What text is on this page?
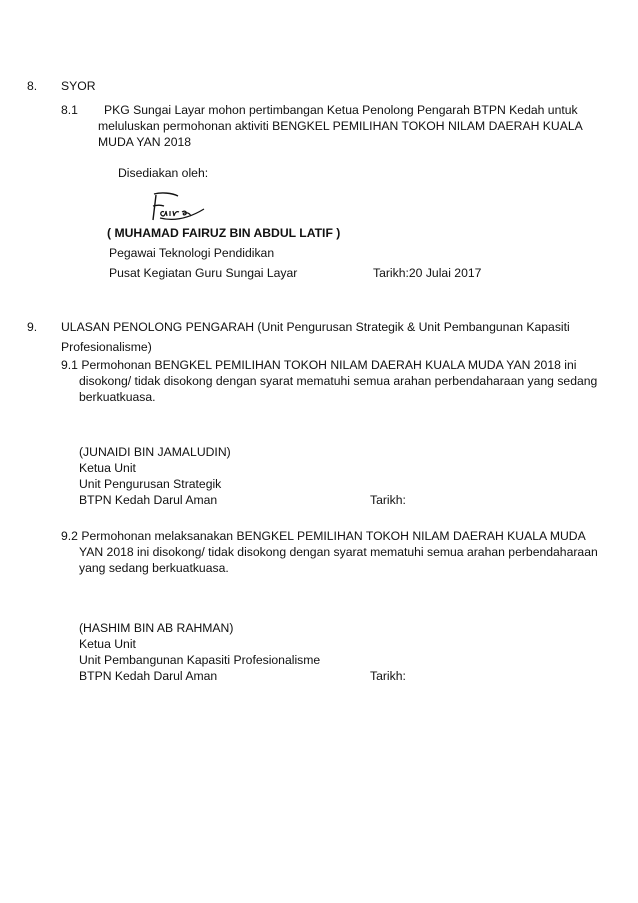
8. SYOR
8.1 PKG Sungai Layar mohon pertimbangan Ketua Penolong Pengarah BTPN Kedah untuk
meluluskan permohonan aktiviti BENGKEL PEMILIHAN TOKOH NILAM DAERAH KUALA
MUDA YAN 2018
Disediakan oleh:
( MUHAMAD FAIRUZ BIN ABDUL LATIF )
Pegawai Teknologi Pendidikan
Pusat Kegiatan Guru Sungai Layar	Tarikh:20 Julai 2017
9. ULASAN PENOLONG PENGARAH (Unit Pengurusan Strategik & Unit Pembangunan Kapasiti
Profesionalisme)
9.1 Permohonan BENGKEL PEMILIHAN TOKOH NILAM DAERAH KUALA MUDA YAN 2018 ini
disokong/ tidak disokong dengan syarat mematuhi semua arahan perbendaharaan yang sedang
berkuatkuasa.
(JUNAIDI BIN JAMALUDIN)
Ketua Unit
Unit Pengurusan Strategik
BTPN Kedah Darul Aman	Tarikh:
9.2 Permohonan melaksanakan BENGKEL PEMILIHAN TOKOH NILAM DAERAH KUALA MUDA
YAN 2018 ini disokong/ tidak disokong dengan syarat mematuhi semua arahan perbendaharaan
yang sedang berkuatkuasa.
(HASHIM BIN AB RAHMAN)
Ketua Unit
Unit Pembangunan Kapasiti Profesionalisme
BTPN Kedah Darul Aman	Tarikh:
